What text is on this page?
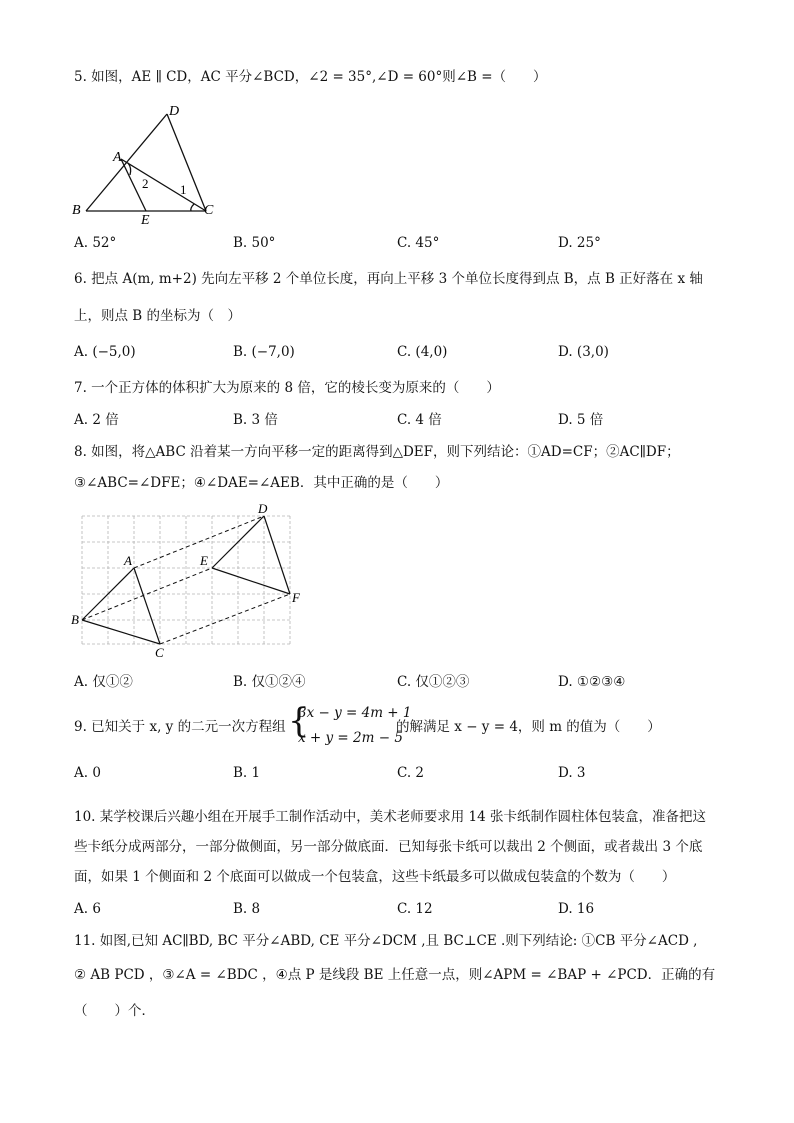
5. 如图，AE ∥ CD，AC 平分∠BCD，∠2 = 35°,∠D = 60°则∠B =（　　）
D
A
B
E
C
2 1
A. 52°	B. 50°	C. 45°	D. 25°
6. 把点 A(m, m+2) 先向左平移 2 个单位长度，再向上平移 3 个单位长度得到点 B，点 B 正好落在 x 轴
上，则点 B 的坐标为（　）
A. (−5,0)	B. (−7,0)	C. (4,0)	D. (3,0)
7. 一个正方体的体积扩大为原来的 8 倍，它的棱长变为原来的（　　）
A. 2 倍	B. 3 倍	C. 4 倍	D. 5 倍
8. 如图，将△ABC 沿着某一方向平移一定的距离得到△DEF，则下列结论：①AD=CF；②AC∥DF；
③∠ABC=∠DFE；④∠DAE=∠AEB．其中正确的是（　　）
A
B
C
D
E
F
A. 仅①②	B. 仅①②④	C. 仅①②③	D. ①②③④
9. 已知关于 x, y 的二元一次方程组 {
3x − y = 4m + 1
x + y = 2m − 5
的解满足 x − y = 4，则 m 的值为（　　）
A. 0	B. 1	C. 2	D. 3
10. 某学校课后兴趣小组在开展手工制作活动中，美术老师要求用 14 张卡纸制作圆柱体包装盒，准备把这
些卡纸分成两部分，一部分做侧面，另一部分做底面．已知每张卡纸可以裁出 2 个侧面，或者裁出 3 个底
面，如果 1 个侧面和 2 个底面可以做成一个包装盒，这些卡纸最多可以做成包装盒的个数为（　　）
A. 6	B. 8	C. 12	D. 16
11. 如图,已知 AC∥BD, BC 平分∠ABD, CE 平分∠DCM ,且 BC⊥CE .则下列结论: ①CB 平分∠ACD ,
② AB PCD ，③∠A = ∠BDC ，④点 P 是线段 BE 上任意一点，则∠APM = ∠BAP + ∠PCD．正确的有
（　　）个．
